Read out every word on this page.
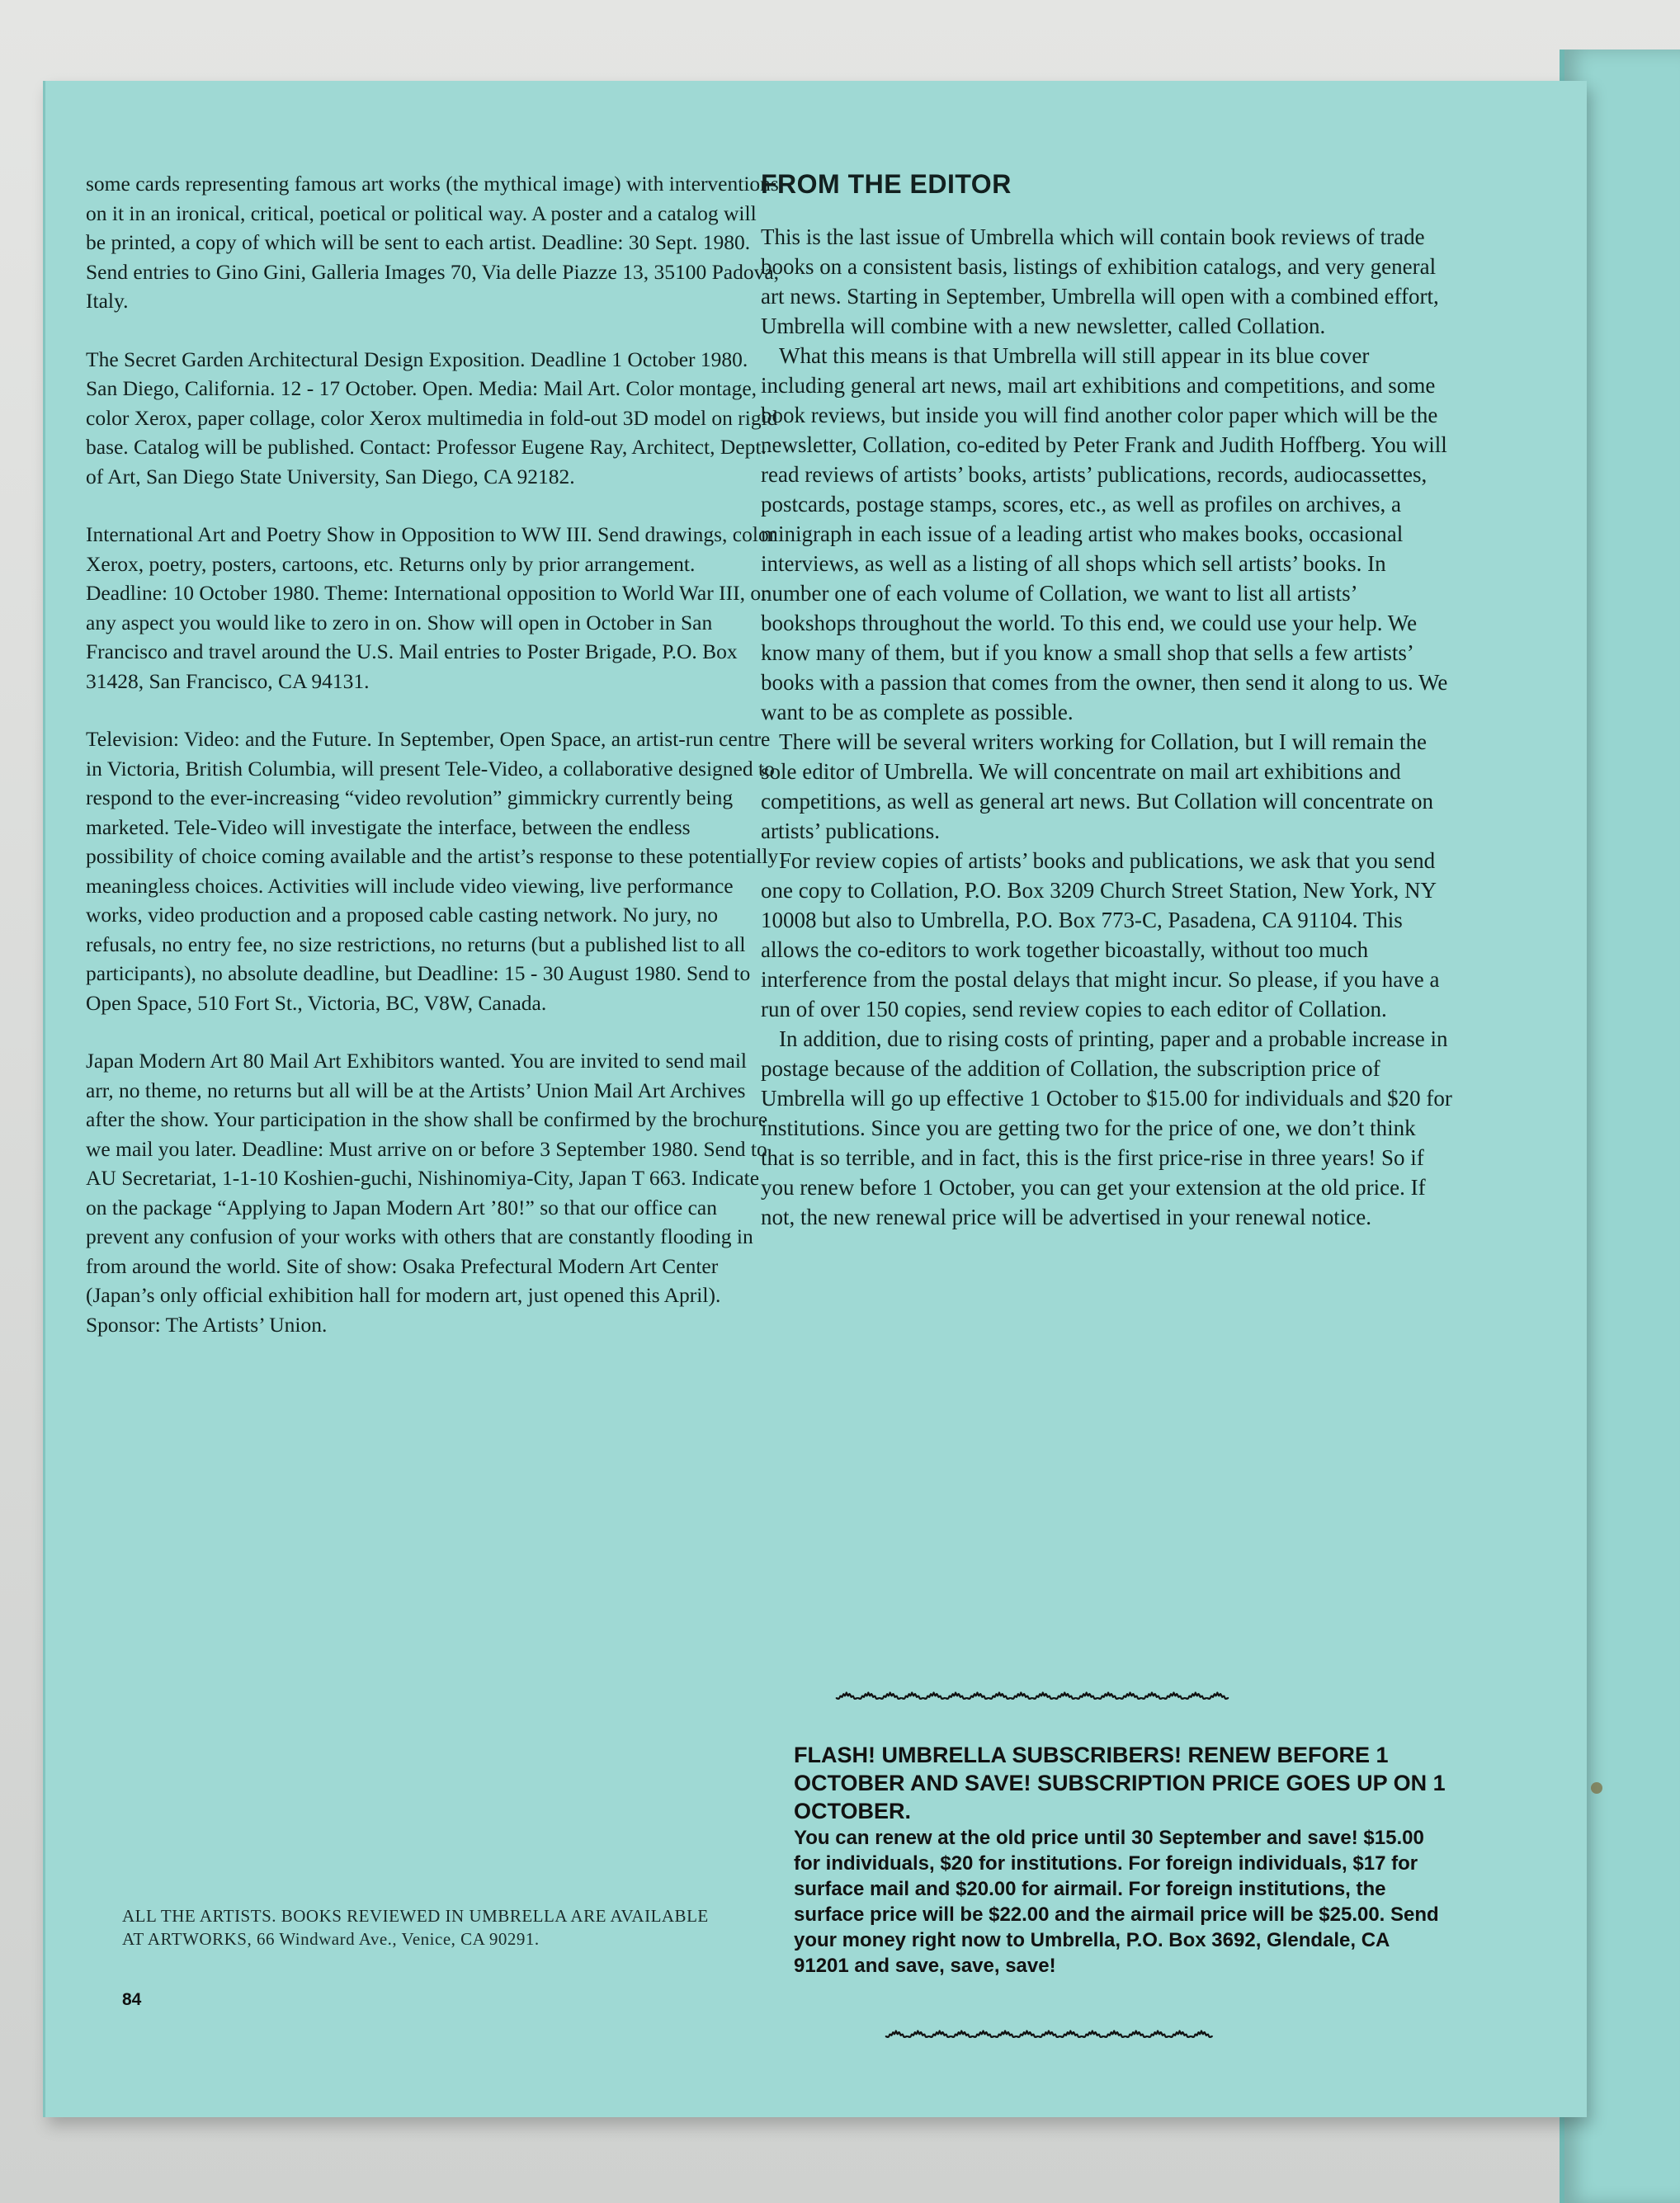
some cards representing famous art works (the mythical image) with interventions on it in an ironical, critical, poetical or political way. A poster and a catalog will be printed, a copy of which will be sent to each artist. Deadline: 30 Sept. 1980. Send entries to Gino Gini, Galleria Images 70, Via delle Piazze 13, 35100 Padova, Italy.

The Secret Garden Architectural Design Exposition. Deadline 1 October 1980. San Diego, California. 12 - 17 October. Open. Media: Mail Art. Color montage, color Xerox, paper collage, color Xerox multimedia in fold-out 3D model on rigid base. Catalog will be published. Contact: Professor Eugene Ray, Architect, Dept. of Art, San Diego State University, San Diego, CA 92182.

International Art and Poetry Show in Opposition to WW III. Send drawings, color Xerox, poetry, posters, cartoons, etc. Returns only by prior arrangement. Deadline: 10 October 1980. Theme: International opposition to World War III, or any aspect you would like to zero in on. Show will open in October in San Francisco and travel around the U.S. Mail entries to Poster Brigade, P.O. Box 31428, San Francisco, CA 94131.

Television: Video: and the Future. In September, Open Space, an artist-run centre in Victoria, British Columbia, will present Tele-Video, a collaborative designed to respond to the ever-increasing “video revolution” gimmickry currently being marketed. Tele-Video will investigate the interface, between the endless possibility of choice coming available and the artist’s response to these potentially meaningless choices. Activities will include video viewing, live performance works, video production and a proposed cable casting network. No jury, no refusals, no entry fee, no size restrictions, no returns (but a published list to all participants), no absolute deadline, but Deadline: 15 - 30 August 1980. Send to Open Space, 510 Fort St., Victoria, BC, V8W, Canada.

Japan Modern Art 80 Mail Art Exhibitors wanted. You are invited to send mail arr, no theme, no returns but all will be at the Artists’ Union Mail Art Archives after the show. Your participation in the show shall be confirmed by the brochure we mail you later. Deadline: Must arrive on or before 3 September 1980. Send to AU Secretariat, 1-1-10 Koshien-guchi, Nishinomiya-City, Japan T 663. Indicate on the package “Applying to Japan Modern Art ’80!” so that our office can prevent any confusion of your works with others that are constantly flooding in from around the world. Site of show: Osaka Prefectural Modern Art Center (Japan’s only official exhibition hall for modern art, just opened this April). Sponsor: The Artists’ Union.

FROM THE EDITOR

This is the last issue of Umbrella which will contain book reviews of trade books on a consistent basis, listings of exhibition catalogs, and very general art news. Starting in September, Umbrella will open with a combined effort, Umbrella will combine with a new newsletter, called Collation.

What this means is that Umbrella will still appear in its blue cover including general art news, mail art exhibitions and competitions, and some book reviews, but inside you will find another color paper which will be the newsletter, Collation, co-edited by Peter Frank and Judith Hoffberg. You will read reviews of artists’ books, artists’ publications, records, audiocassettes, postcards, postage stamps, scores, etc., as well as profiles on archives, a minigraph in each issue of a leading artist who makes books, occasional interviews, as well as a listing of all shops which sell artists’ books. In number one of each volume of Collation, we want to list all artists’ bookshops throughout the world. To this end, we could use your help. We know many of them, but if you know a small shop that sells a few artists’ books with a passion that comes from the owner, then send it along to us. We want to be as complete as possible.

There will be several writers working for Collation, but I will remain the sole editor of Umbrella. We will concentrate on mail art exhibitions and competitions, as well as general art news. But Collation will concentrate on artists’ publications.

For review copies of artists’ books and publications, we ask that you send one copy to Collation, P.O. Box 3209 Church Street Station, New York, NY 10008 but also to Umbrella, P.O. Box 773-C, Pasadena, CA 91104. This allows the co-editors to work together bicoastally, without too much interference from the postal delays that might incur. So please, if you have a run of over 150 copies, send review copies to each editor of Collation.

In addition, due to rising costs of printing, paper and a probable increase in postage because of the addition of Collation, the subscription price of Umbrella will go up effective 1 October to $15.00 for individuals and $20 for institutions. Since you are getting two for the price of one, we don’t think that is so terrible, and in fact, this is the first price-rise in three years! So if you renew before 1 October, you can get your extension at the old price. If not, the new renewal price will be advertised in your renewal notice.

෴෴෴෴෴෴෴෴෴෴෴෴෴෴෴෴෴෴
FLASH! UMBRELLA SUBSCRIBERS! RENEW BEFORE 1 OCTOBER AND SAVE! SUBSCRIPTION PRICE GOES UP ON 1 OCTOBER.
You can renew at the old price until 30 September and save! $15.00 for individuals, $20 for institutions. For foreign individuals, $17 for surface mail and $20.00 for airmail. For foreign institutions, the surface price will be $22.00 and the airmail price will be $25.00. Send your money right now to Umbrella, P.O. Box 3692, Glendale, CA 91201 and save, save, save!
෴෴෴෴෴෴෴෴෴෴෴෴෴෴෴
ALL THE ARTISTS. BOOKS REVIEWED IN UMBRELLA ARE AVAILABLE AT ARTWORKS, 66 Windward Ave., Venice, CA 90291.
84
